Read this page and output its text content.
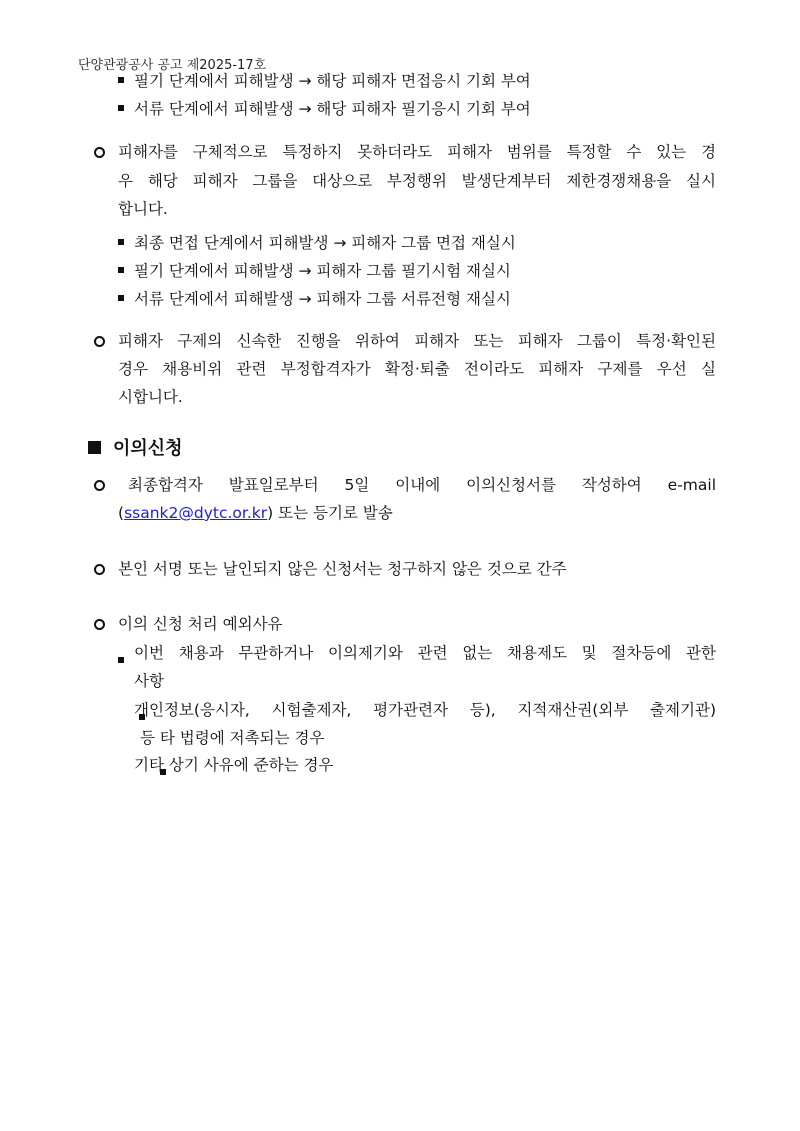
단양관광공사 공고 제2025-17호
필기 단계에서 피해발생 → 해당 피해자 면접응시 기회 부여
서류 단계에서 피해발생 → 해당 피해자 필기응시 기회 부여
피해자를 구체적으로 특정하지 못하더라도 피해자 범위를 특정할 수 있는 경
우 해당 피해자 그룹을 대상으로 부정행위 발생단계부터 제한경쟁채용을 실시
합니다.
최종 면접 단계에서 피해발생 → 피해자 그룹 면접 재실시
필기 단계에서 피해발생 → 피해자 그룹 필기시험 재실시
서류 단계에서 피해발생 → 피해자 그룹 서류전형 재실시
피해자 구제의 신속한 진행을 위하여 피해자 또는 피해자 그룹이 특정·확인된
경우 채용비위 관련 부정합격자가 확정·퇴출 전이라도 피해자 구제를 우선 실
시합니다.
이의신청
최종합격자 발표일로부터 5일 이내에 이의신청서를 작성하여 e-mail
(ssank2@dytc.or.kr) 또는 등기로 발송
본인 서명 또는 날인되지 않은 신청서는 청구하지 않은 것으로 간주
이의 신청 처리 예외사유

이번 채용과 무관하거나 이의제기와 관련 없는 채용제도 및 절차등에 관한
사항

개인정보(응시자, 시험출제자, 평가관련자 등), 지적재산권(외부 출제기관)
등 타 법령에 저촉되는 경우
기타 상기 사유에 준하는 경우
